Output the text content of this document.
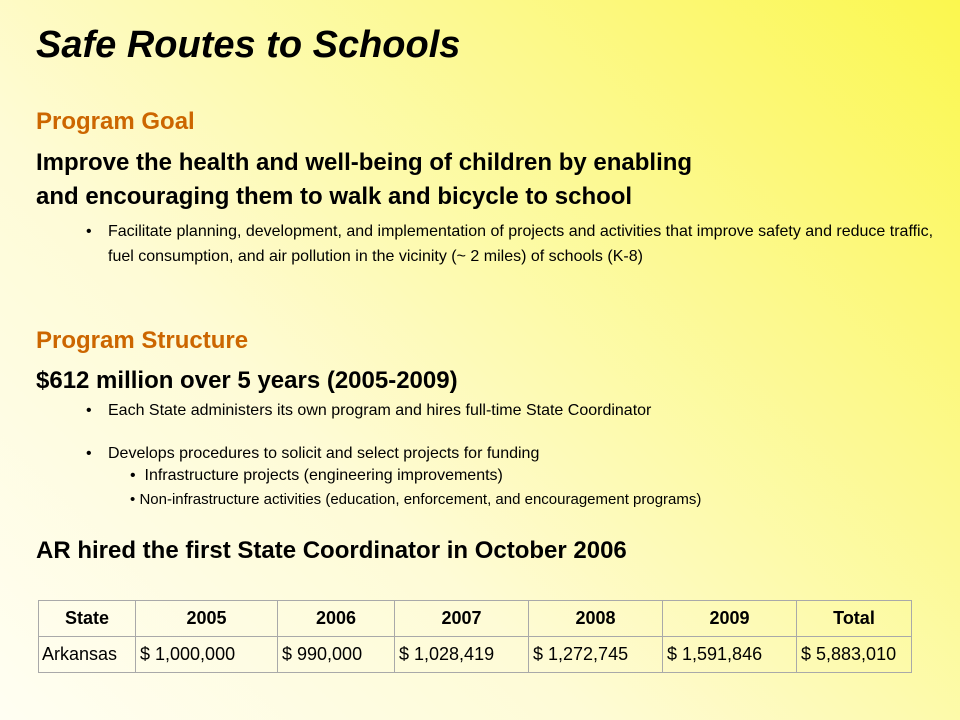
Safe Routes to Schools
Program Goal

Improve the health and well-being of children by enabling

and encouraging them to walk and bicycle to school

• Facilitate planning, development, and implementation of projects and activities that improve safety and reduce traffic, fuel consumption, and air pollution in the vicinity (~ 2 miles) of schools (K-8)

Program Structure

$612 million over 5 years (2005-2009)

• Each State administers its own program and hires full-time State Coordinator

• Develops procedures to solicit and select projects for funding

• Infrastructure projects (engineering improvements)

• Non-infrastructure activities (education, enforcement, and encouragement programs)

AR hired the first State Coordinator in October 2006

State	2005	2006	2007	2008	2009	Total
Arkansas	$ 1,000,000	$ 990,000	$ 1,028,419	$ 1,272,745	$ 1,591,846	$ 5,883,010
